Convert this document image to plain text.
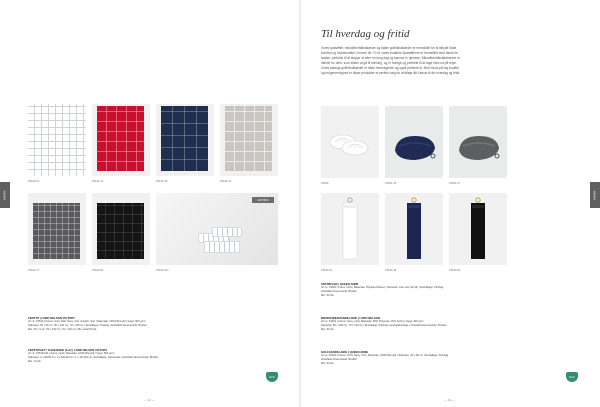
MARK	MARK
K3519-01	K3519-11	K3519-18	K3519-31
K3519-77	K3519-80
GIFT BOX
K3519-101
FROTTÉ | LORD NELSON VICTORY
Art.nr: K3519 | Farver: Hvid, Rød, Navy, Grå, Antracit, Sort | Materiale: 100% Bomuld | Vægt: 500 g/m²
Størrelse: 30 x 50 cm, 50 x 100 cm, 70 x 140 cm | Emballage: Polybag | Anbefalet farvemetode: Broderi
Min. 50 x 4 cm, 50 x 100 cm, 70 x 140 cm: Min. antal 50 stk.
FROTTÉSÆT I GAVEÆSKE (3+2) | LORD NELSON VICTORY
Art.nr: K3519-101 | Farve: Hvid | Materiale: 100% Bomuld | Vægt: 500 g/m²
Størrelse: 2 x 30x50 cm, 2 x 50x100 cm, 1 x 70x140 cm | Emballage: Gaveæske | Anbefalet farvemetode: Broderi
Min. 10 stk.
ECO
— 12 —
Til hverdag og fritid
Vores spatøffler, mikrofiberhåndklæder og bløde golfhåndklæder er fremstillet for at tilbyde både komfort og funktionalitet i enhver tid. Fx er vores kvalitets Spatøfflerne er fremstillet med tanke for fødder, perfekte til at slappe af efter en lang dag og samme fx hjemme. Mikrofiberhåndklæderne er ideelle for dem, som elsker at gå til træning, og er hurtige og perfekte til at tage med ud på rejse. Vores særlige golfhåndklæder er både fremragende og også perfekte til. Med fokus på høj kvalitet og brugervenlighed er disse produkter et perfekt valg for at tilføje lidt luksus til din hverdag og fritid.
K3520	K3521-18	K3521-97
K3522-00	K3522-18	K3522-80
SPATØFLER | QUEEN ANNE
Art.nr: K3520 | Farve: Hvid | Materiale: Polyester/Velour | Størrelse: One size (42-44) | Emballage: Polybag
Anbefalet farvemetode: Broderi
Min. 50 stk.
MIKROFIBERHÅNDKLÆDE | LORD NELSON
Art.nr: K3521 | Farver: Navy, Grå | Materiale: 80% Polyester, 20% Nylon | Vægt: 300 g/m²
Størrelse: 50 x 100 cm, 70 x 140 cm | Emballage: Polybag med karabinhage | Anbefalet farvemetode: Broderi
Min. 50 stk.
GOLFHÅNDKLÆDE | QUEEN ANNE
Art.nr: K3522 | Farver: Hvid, Navy, Sort | Materiale: 100% Bomuld | Størrelse: 40 x 60 cm | Emballage: Polybag
Anbefalet farvemetode: Broderi
Min. 50 stk.
ECO
— 13 —
